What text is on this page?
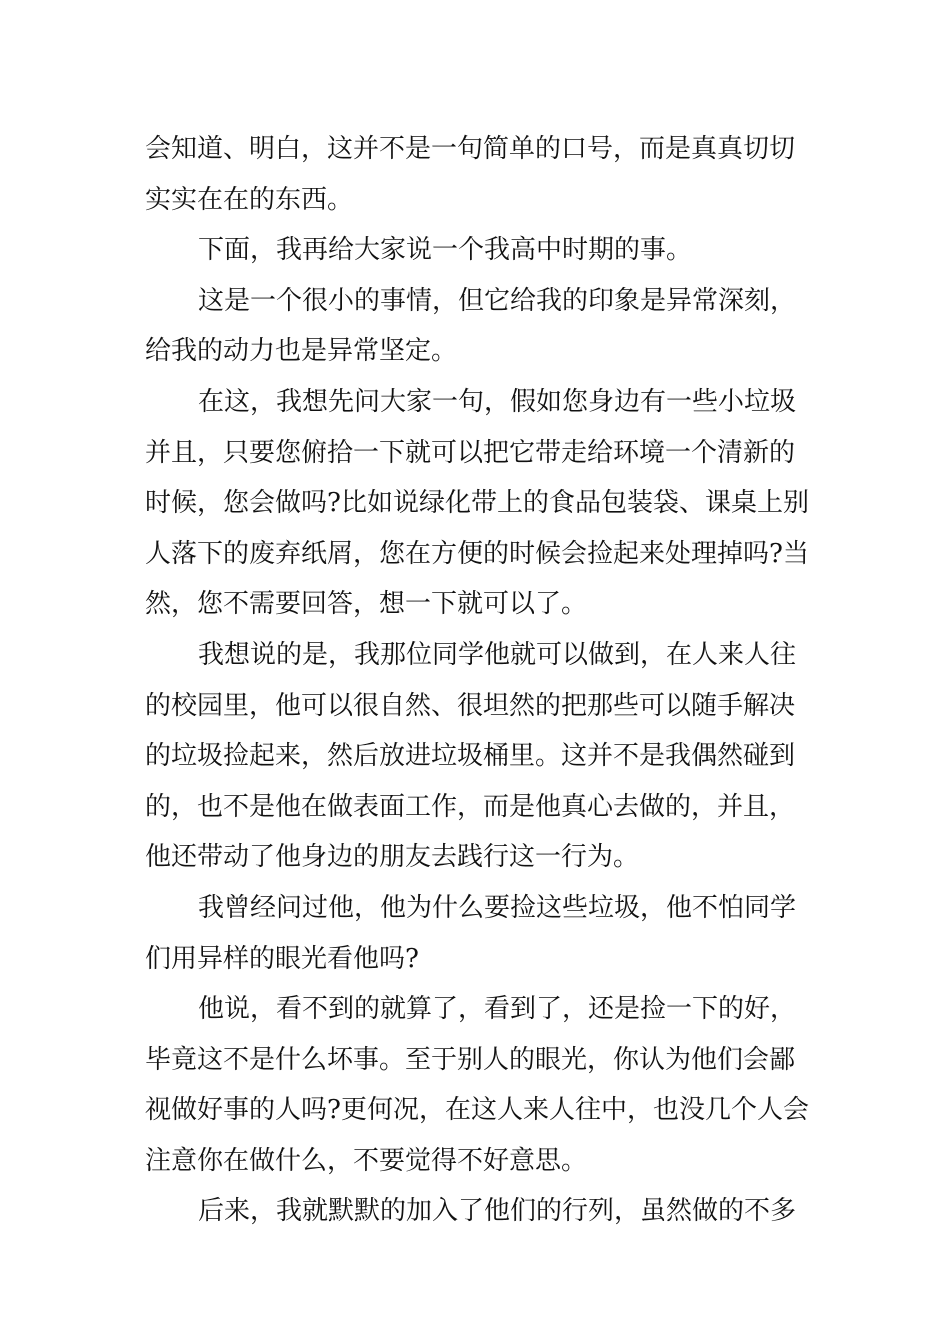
会知道、明白，这并不是一句简单的口号，而是真真切切
实实在在的东西。
下面，我再给大家说一个我高中时期的事。
这是一个很小的事情，但它给我的印象是异常深刻，
给我的动力也是异常坚定。
在这，我想先问大家一句，假如您身边有一些小垃圾
并且，只要您俯拾一下就可以把它带走给环境一个清新的
时候，您会做吗?比如说绿化带上的食品包装袋、课桌上别
人落下的废弃纸屑，您在方便的时候会捡起来处理掉吗?当
然，您不需要回答，想一下就可以了。
我想说的是，我那位同学他就可以做到，在人来人往
的校园里，他可以很自然、很坦然的把那些可以随手解决
的垃圾捡起来，然后放进垃圾桶里。这并不是我偶然碰到
的，也不是他在做表面工作，而是他真心去做的，并且，
他还带动了他身边的朋友去践行这一行为。
我曾经问过他，他为什么要捡这些垃圾，他不怕同学
们用异样的眼光看他吗?
他说，看不到的就算了，看到了，还是捡一下的好，
毕竟这不是什么坏事。至于别人的眼光，你认为他们会鄙
视做好事的人吗?更何况，在这人来人往中，也没几个人会
注意你在做什么，不要觉得不好意思。
后来，我就默默的加入了他们的行列，虽然做的不多
